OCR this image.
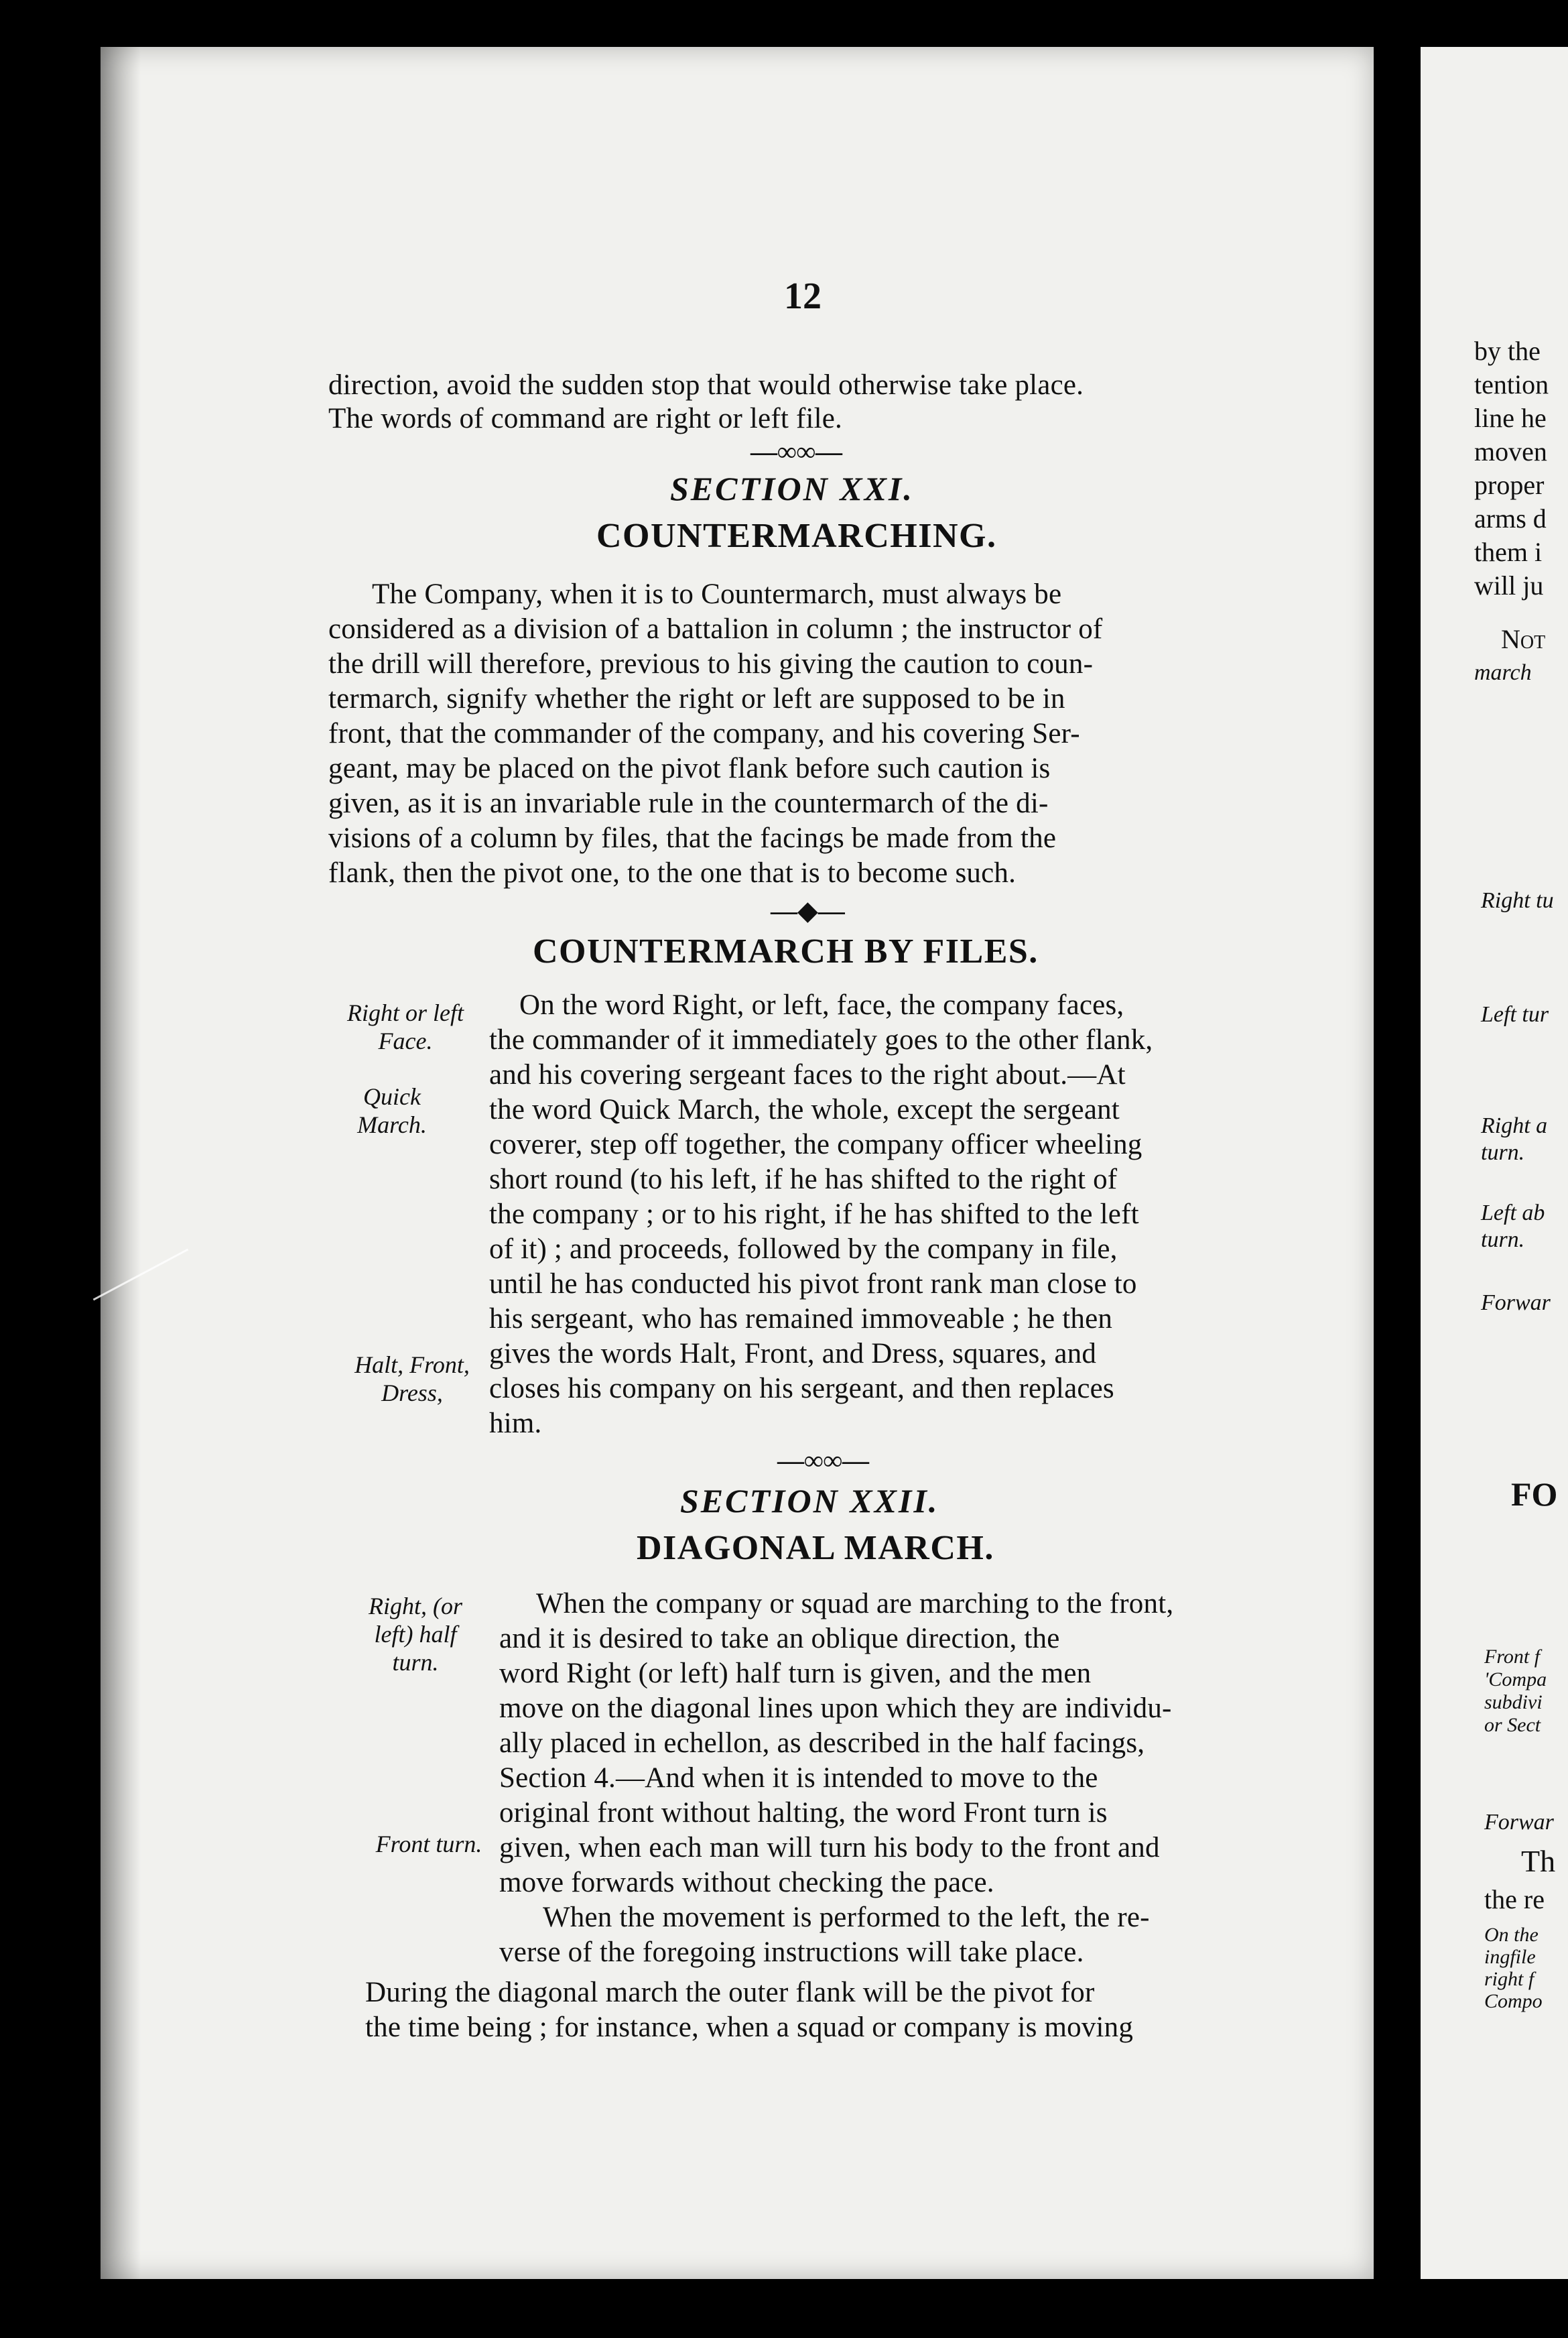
12
direction, avoid the sudden stop that would otherwise take place.
The words of command are right or left file.
—∞∞—
SECTION XXI.
COUNTERMARCHING.
The Company, when it is to Countermarch, must always be
considered as a division of a battalion in column ; the instructor of
the drill will therefore, previous to his giving the caution to coun-
termarch, signify whether the right or left are supposed to be in
front, that the commander of the company, and his covering Ser-
geant, may be placed on the pivot flank before such caution is
given, as it is an invariable rule in the countermarch of the di-
visions of a column by files, that the facings be made from the
flank, then the pivot one, to the one that is to become such.
—◆—
COUNTERMARCH BY FILES.
Right or left
Face.
Quick
March.
Halt, Front,
Dress,
On the word Right, or left, face, the company faces,
the commander of it immediately goes to the other flank,
and his covering sergeant faces to the right about.—At
the word Quick March, the whole, except the sergeant
coverer, step off together, the company officer wheeling
short round (to his left, if he has shifted to the right of
the company ; or to his right, if he has shifted to the left
of it) ; and proceeds, followed by the company in file,
until he has conducted his pivot front rank man close to
his sergeant, who has remained immoveable ; he then
gives the words Halt, Front, and Dress, squares, and
closes his company on his sergeant, and then replaces
him.
—∞∞—
SECTION XXII.
DIAGONAL MARCH.
Right, (or
left) half
turn.
Front turn.
When the company or squad are marching to the front,
and it is desired to take an oblique direction, the
word Right (or left) half turn is given, and the men
move on the diagonal lines upon which they are individu-
ally placed in echellon, as described in the half facings,
Section 4.—And when it is intended to move to the
original front without halting, the word Front turn is
given, when each man will turn his body to the front and
move forwards without checking the pace.
When the movement is performed to the left, the re-
verse of the foregoing instructions will take place.
During the diagonal march the outer flank will be the pivot for
the time being ; for instance, when a squad or company is moving
by the
tention
line he
moven
proper
arms d
them i
will ju
Not
march
Right tu
Left tur
Right a
turn.
Left ab
turn.
Forwar
FO
Front f
'Compa
subdivi
or Sect
Forwar
Th
the re
On the
ingfile
right f
Compo
